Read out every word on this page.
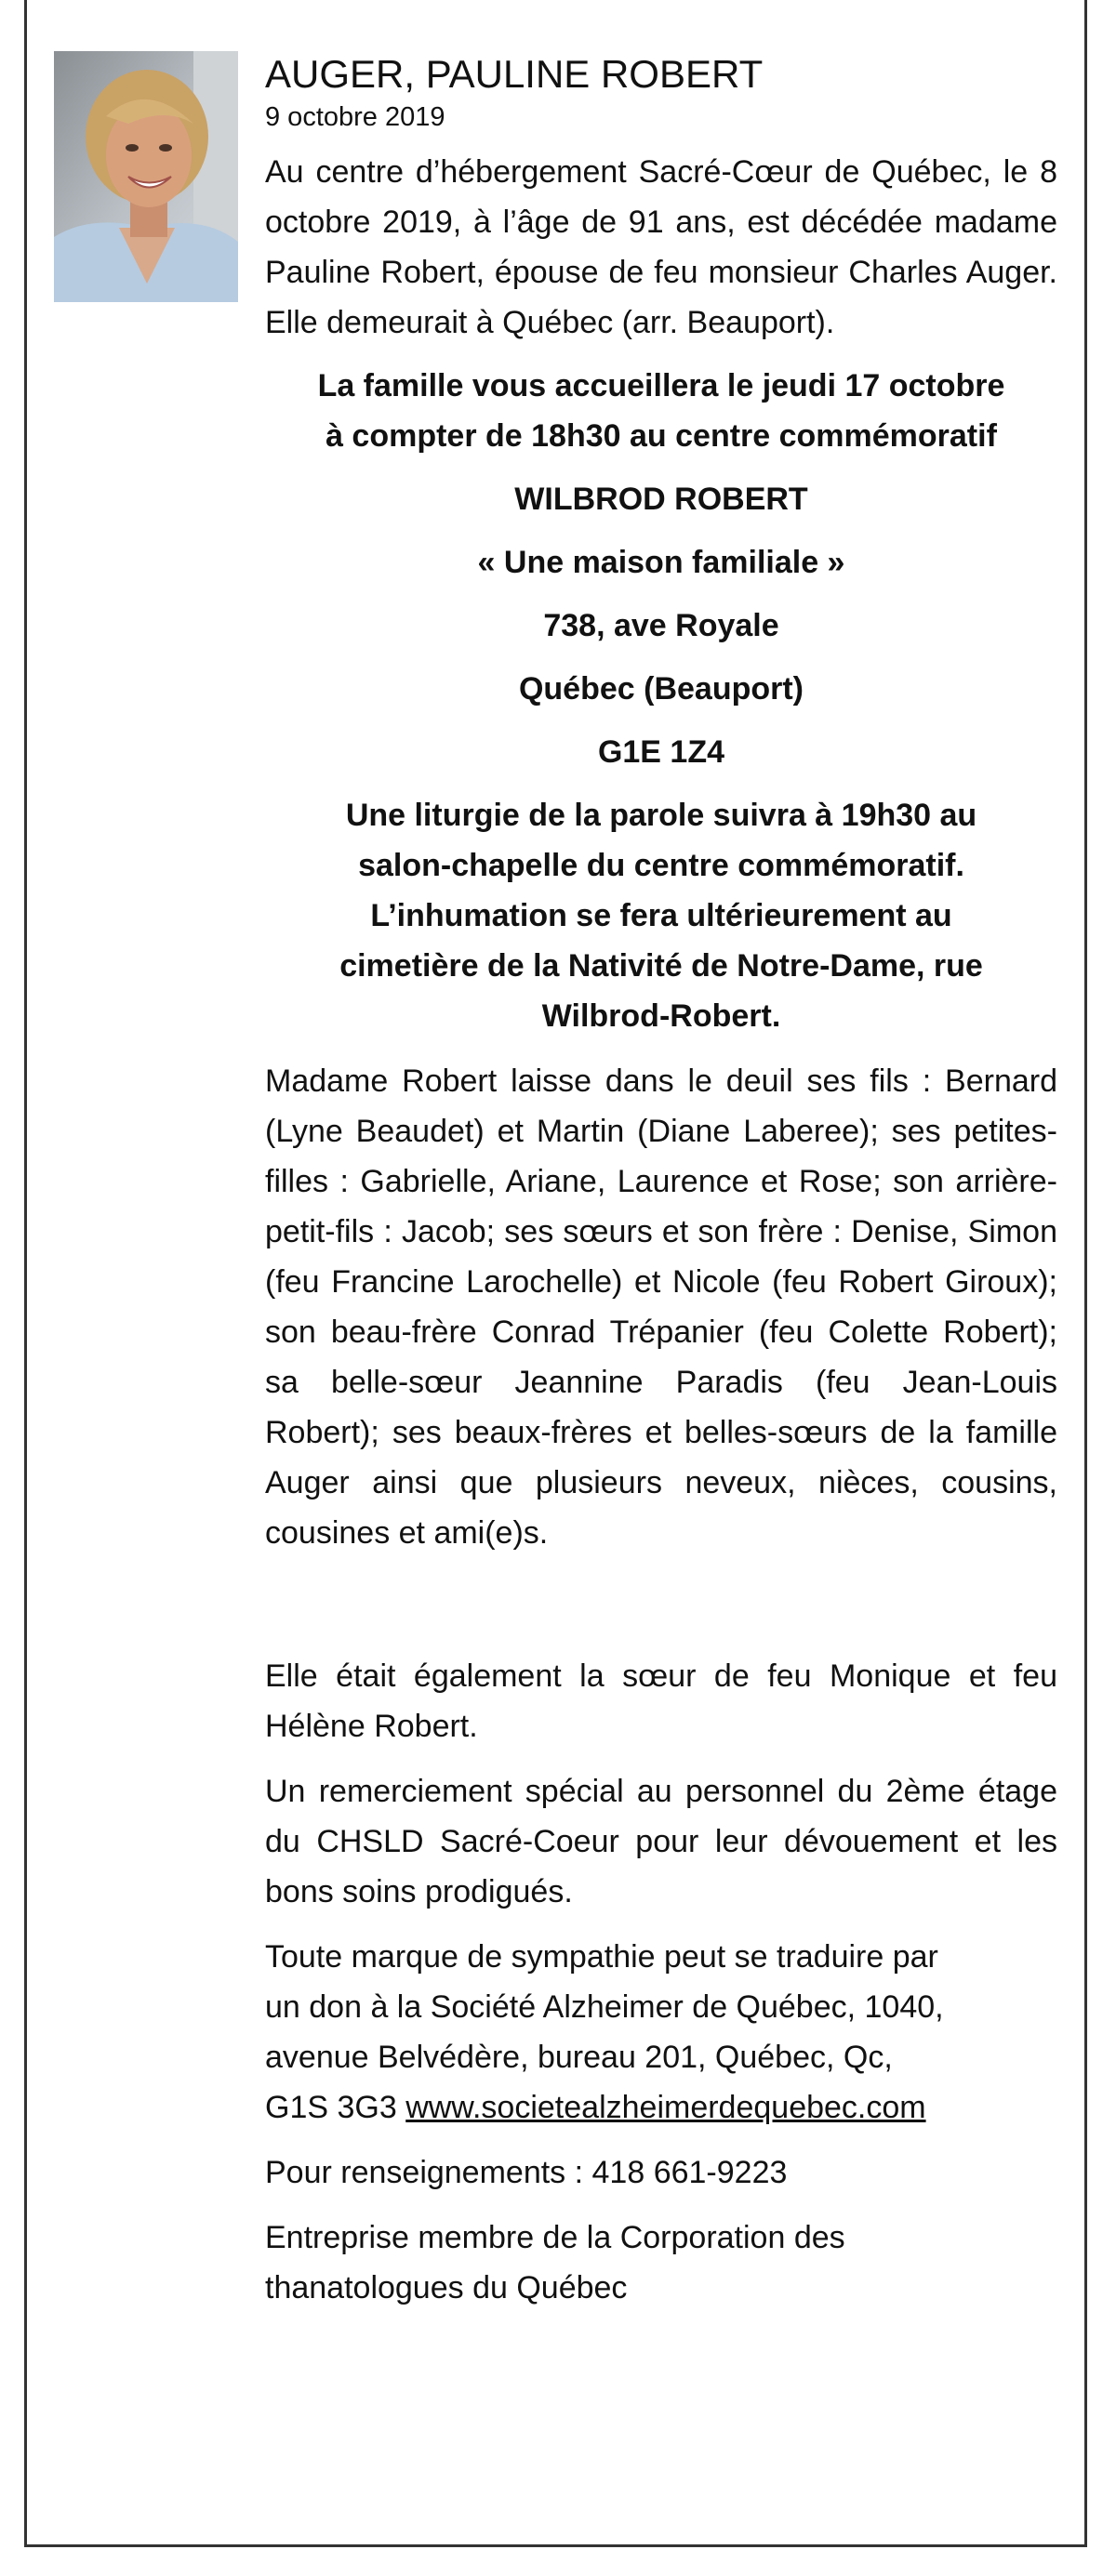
AUGER, PAULINE ROBERT
9 octobre 2019

Au centre d’hébergement Sacré-Cœur de Québec, le 8 octobre 2019, à l’âge de 91 ans, est décédée madame Pauline Robert, épouse de feu monsieur Charles Auger. Elle demeurait à Québec (arr. Beauport).

La famille vous accueillera le jeudi 17 octobre
à compter de 18h30 au centre commémoratif
WILBROD ROBERT
« Une maison familiale »
738, ave Royale
Québec (Beauport)
G1E 1Z4
Une liturgie de la parole suivra à 19h30 au
salon-chapelle du centre commémoratif.
L’inhumation se fera ultérieurement au
cimetière de la Nativité de Notre-Dame, rue
Wilbrod-Robert.

Madame Robert laisse dans le deuil ses fils : Bernard (Lyne Beaudet) et Martin (Diane Laberee); ses petites-filles : Gabrielle, Ariane, Laurence et Rose; son arrière- petit-fils : Jacob; ses sœurs et son frère : Denise, Simon (feu Francine Larochelle) et Nicole (feu Robert Giroux); son beau-frère Conrad Trépanier (feu Colette Robert); sa belle-sœur Jeannine Paradis (feu Jean-Louis Robert); ses beaux-frères et belles-sœurs de la famille Auger ainsi que plusieurs neveux, nièces, cousins, cousines et ami(e)s.

Elle était également la sœur de feu Monique et feu Hélène Robert.

Un remerciement spécial au personnel du 2ème étage du CHSLD Sacré-Coeur pour leur dévouement et les bons soins prodigués.

Toute marque de sympathie peut se traduire par
un don à la Société Alzheimer de Québec, 1040,
avenue Belvédère, bureau 201, Québec, Qc,
G1S 3G3 www.societealzheimerdequebec.com

Pour renseignements : 418 661-9223

Entreprise membre de la Corporation des
thanatologues du Québec
